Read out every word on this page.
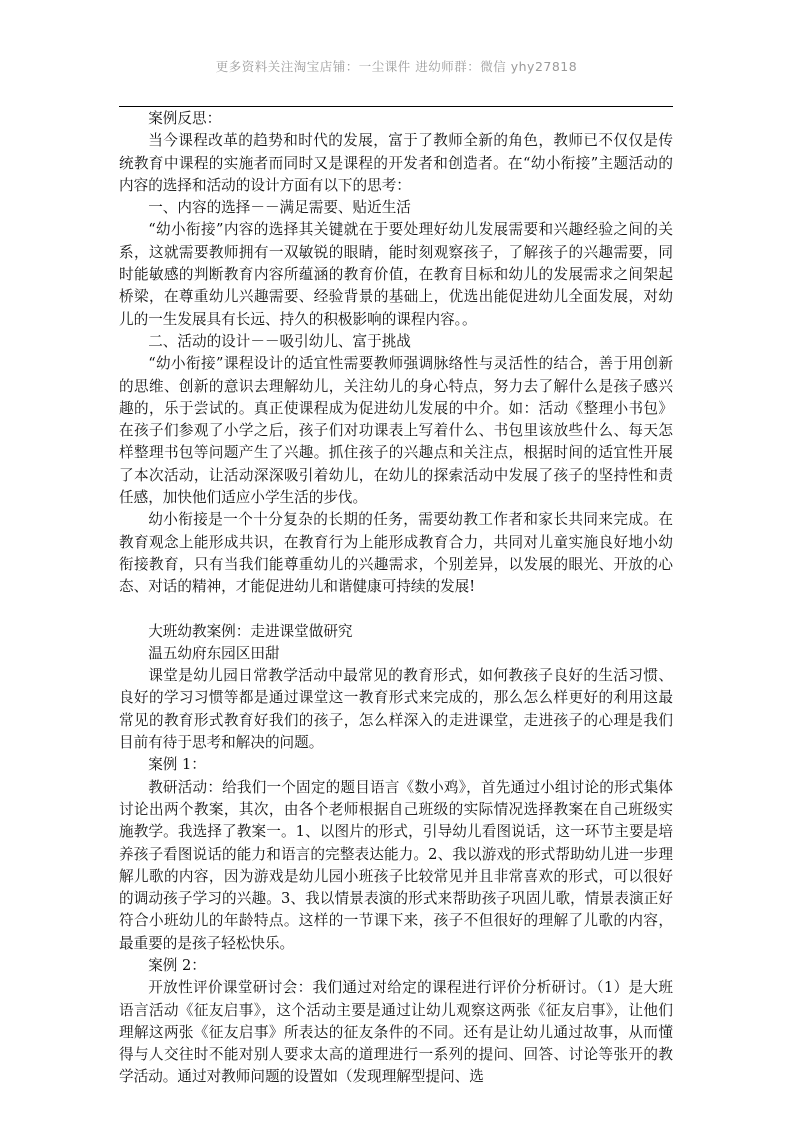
更多资料关注淘宝店铺：一尘课件 进幼师群：微信 yhy27818

案例反思：

当今课程改革的趋势和时代的发展，富于了教师全新的角色，教师已不仅仅是传统教育中课程的实施者而同时又是课程的开发者和创造者。在“幼小衔接”主题活动的内容的选择和活动的设计方面有以下的思考：

一、内容的选择－－满足需要、贴近生活

“幼小衔接”内容的选择其关键就在于要处理好幼儿发展需要和兴趣经验之间的关系，这就需要教师拥有一双敏锐的眼睛，能时刻观察孩子，了解孩子的兴趣需要，同时能敏感的判断教育内容所蕴涵的教育价值，在教育目标和幼儿的发展需求之间架起桥梁，在尊重幼儿兴趣需要、经验背景的基础上，优选出能促进幼儿全面发展，对幼儿的一生发展具有长远、持久的积极影响的课程内容。。

二、活动的设计－－吸引幼儿、富于挑战

“幼小衔接”课程设计的适宜性需要教师强调脉络性与灵活性的结合，善于用创新的思维、创新的意识去理解幼儿，关注幼儿的身心特点，努力去了解什么是孩子感兴趣的，乐于尝试的。真正使课程成为促进幼儿发展的中介。如：活动《整理小书包》在孩子们参观了小学之后，孩子们对功课表上写着什么、书包里该放些什么、每天怎样整理书包等问题产生了兴趣。抓住孩子的兴趣点和关注点，根据时间的适宜性开展了本次活动，让活动深深吸引着幼儿，在幼儿的探索活动中发展了孩子的坚持性和责任感，加快他们适应小学生活的步伐。

幼小衔接是一个十分复杂的长期的任务，需要幼教工作者和家长共同来完成。在教育观念上能形成共识，在教育行为上能形成教育合力，共同对儿童实施良好地小幼衔接教育，只有当我们能尊重幼儿的兴趣需求，个别差异，以发展的眼光、开放的心态、对话的精神，才能促进幼儿和谐健康可持续的发展!

大班幼教案例：走进课堂做研究

温五幼府东园区田甜

课堂是幼儿园日常教学活动中最常见的教育形式，如何教孩子良好的生活习惯、良好的学习习惯等都是通过课堂这一教育形式来完成的，那么怎么样更好的利用这最常见的教育形式教育好我们的孩子，怎么样深入的走进课堂，走进孩子的心理是我们目前有待于思考和解决的问题。

案例 1：

教研活动：给我们一个固定的题目语言《数小鸡》，首先通过小组讨论的形式集体讨论出两个教案，其次，由各个老师根据自己班级的实际情况选择教案在自己班级实施教学。我选择了教案一。1、以图片的形式，引导幼儿看图说话，这一环节主要是培养孩子看图说话的能力和语言的完整表达能力。2、我以游戏的形式帮助幼儿进一步理解儿歌的内容，因为游戏是幼儿园小班孩子比较常见并且非常喜欢的形式，可以很好的调动孩子学习的兴趣。3、我以情景表演的形式来帮助孩子巩固儿歌，情景表演正好符合小班幼儿的年龄特点。这样的一节课下来，孩子不但很好的理解了儿歌的内容，最重要的是孩子轻松快乐。

案例 2：

开放性评价课堂研讨会：我们通过对给定的课程进行评价分析研讨。（1）是大班语言活动《征友启事》，这个活动主要是通过让幼儿观察这两张《征友启事》，让他们理解这两张《征友启事》所表达的征友条件的不同。还有是让幼儿通过故事，从而懂得与人交往时不能对别人要求太高的道理进行一系列的提问、回答、讨论等张开的教学活动。通过对教师问题的设置如（发现理解型提问、选
